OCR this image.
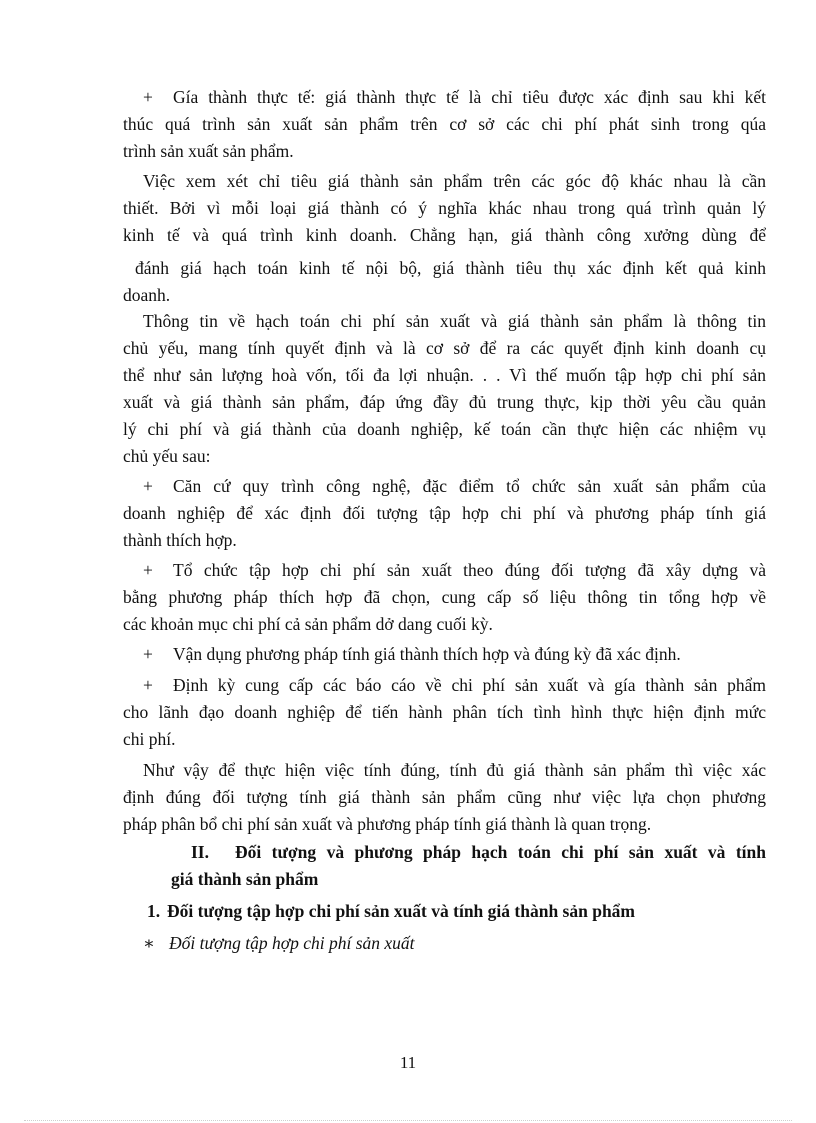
+ Gía thành thực tế: giá thành thực tế là chỉ tiêu được xác định sau khi kết
thúc quá trình sản xuất sản phẩm trên cơ sở các chi phí phát sinh trong qúa
trình sản xuất sản phẩm.
Việc xem xét chỉ tiêu giá thành sản phẩm trên các góc độ khác nhau là cần
thiết. Bởi vì mỗi loại giá thành có ý nghĩa khác nhau trong quá trình quản lý
kinh tế và quá trình kinh doanh. Chẳng hạn, giá thành công xưởng dùng để
đánh giá hạch toán kinh tế nội bộ, giá thành tiêu thụ xác định kết quả kinh
doanh.
Thông tin về hạch toán chi phí sản xuất và giá thành sản phẩm là thông tin
chủ yếu, mang tính quyết định và là cơ sở để ra các quyết định kinh doanh cụ
thể như sản lượng hoà vốn, tối đa lợi nhuận. . . Vì thế muốn tập hợp chi phí sản
xuất và giá thành sản phẩm, đáp ứng đầy đủ trung thực, kịp thời yêu cầu quản
lý chi phí và giá thành của doanh nghiệp, kế toán cần thực hiện các nhiệm vụ
chủ yếu sau:
+ Căn cứ quy trình công nghệ, đặc điểm tổ chức sản xuất sản phẩm của
doanh nghiệp để xác định đối tượng tập hợp chi phí và phương pháp tính giá
thành thích hợp.
+ Tổ chức tập hợp chi phí sản xuất theo đúng đối tượng đã xây dựng và
bằng phương pháp thích hợp đã chọn, cung cấp số liệu thông tin tổng hợp về
các khoản mục chi phí cả sản phẩm dở dang cuối kỳ.
+ Vận dụng phương pháp tính giá thành thích hợp và đúng kỳ đã xác định.
+ Định kỳ cung cấp các báo cáo về chi phí sản xuất và gía thành sản phẩm
cho lãnh đạo doanh nghiệp để tiến hành phân tích tình hình thực hiện định mức
chi phí.
Như vậy để thực hiện việc tính đúng, tính đủ giá thành sản phẩm thì việc xác
định đúng đối tượng tính giá thành sản phẩm cũng như việc lựa chọn phương
pháp phân bổ chi phí sản xuất và phương pháp tính giá thành là quan trọng.
II. Đối tượng và phương pháp hạch toán chi phí sản xuất và tính
giá thành sản phẩm
1. Đối tượng tập hợp chi phí sản xuất và tính giá thành sản phẩm
∗ Đối tượng tập hợp chi phí sản xuất
11
